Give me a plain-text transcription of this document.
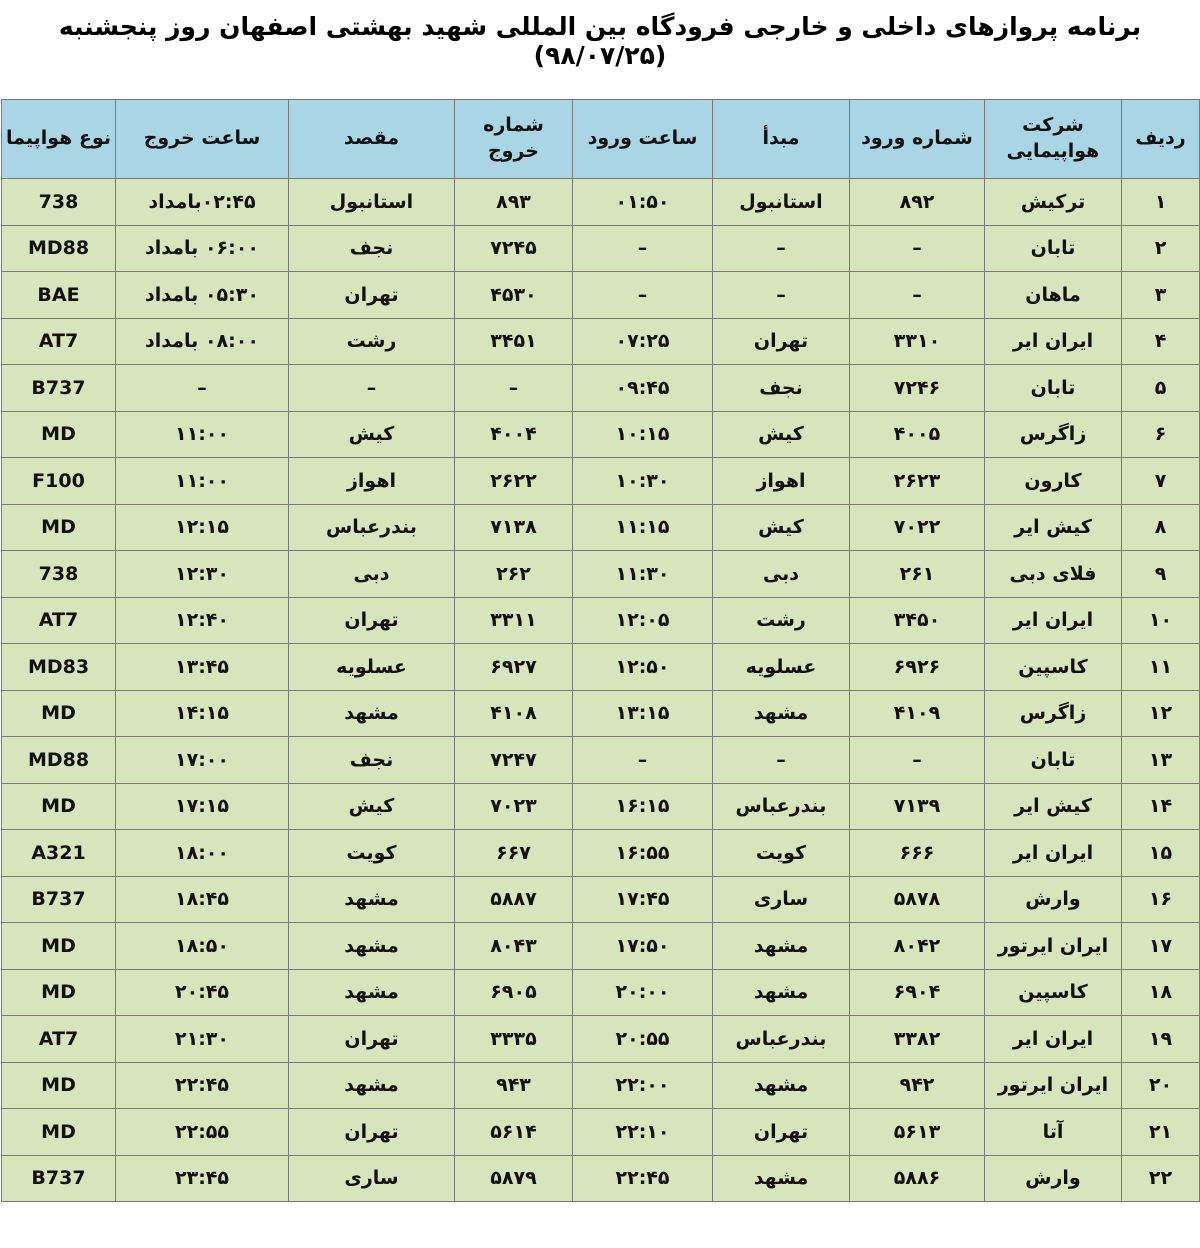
برنامه پروازهای داخلی و خارجی فرودگاه بین المللی شهید بهشتی اصفهان روز پنجشنبه (۹۸/۰۷/۲۵)
ردیف	شرکت هواپیمایی	شماره ورود	مبدأ	ساعت ورود	شماره خروج	مقصد	ساعت خروج	نوع هواپیما
۱	ترکیش	۸۹۲	استانبول	۰۱:۵۰	۸۹۳	استانبول	۰۲:۴۵بامداد	738
۲	تابان	–	–	–	۷۲۴۵	نجف	۰۶:۰۰ بامداد	MD88
۳	ماهان	–	–	–	۴۵۳۰	تهران	۰۵:۳۰ بامداد	BAE
۴	ایران ایر	۳۳۱۰	تهران	۰۷:۲۵	۳۴۵۱	رشت	۰۸:۰۰ بامداد	AT7
۵	تابان	۷۲۴۶	نجف	۰۹:۴۵	–	–	–	B737
۶	زاگرس	۴۰۰۵	کیش	۱۰:۱۵	۴۰۰۴	کیش	۱۱:۰۰	MD
۷	کارون	۲۶۲۳	اهواز	۱۰:۳۰	۲۶۲۲	اهواز	۱۱:۰۰	F100
۸	کیش ایر	۷۰۲۲	کیش	۱۱:۱۵	۷۱۳۸	بندرعباس	۱۲:۱۵	MD
۹	فلای دبی	۲۶۱	دبی	۱۱:۳۰	۲۶۲	دبی	۱۲:۳۰	738
۱۰	ایران ایر	۳۴۵۰	رشت	۱۲:۰۵	۳۳۱۱	تهران	۱۲:۴۰	AT7
۱۱	کاسپین	۶۹۲۶	عسلویه	۱۲:۵۰	۶۹۲۷	عسلویه	۱۳:۴۵	MD83
۱۲	زاگرس	۴۱۰۹	مشهد	۱۳:۱۵	۴۱۰۸	مشهد	۱۴:۱۵	MD
۱۳	تابان	–	–	–	۷۲۴۷	نجف	۱۷:۰۰	MD88
۱۴	کیش ایر	۷۱۳۹	بندرعباس	۱۶:۱۵	۷۰۲۳	کیش	۱۷:۱۵	MD
۱۵	ایران ایر	۶۶۶	کویت	۱۶:۵۵	۶۶۷	کویت	۱۸:۰۰	A321
۱۶	وارش	۵۸۷۸	ساری	۱۷:۴۵	۵۸۸۷	مشهد	۱۸:۴۵	B737
۱۷	ایران ایرتور	۸۰۴۲	مشهد	۱۷:۵۰	۸۰۴۳	مشهد	۱۸:۵۰	MD
۱۸	کاسپین	۶۹۰۴	مشهد	۲۰:۰۰	۶۹۰۵	مشهد	۲۰:۴۵	MD
۱۹	ایران ایر	۳۳۸۲	بندرعباس	۲۰:۵۵	۳۳۳۵	تهران	۲۱:۳۰	AT7
۲۰	ایران ایرتور	۹۴۲	مشهد	۲۲:۰۰	۹۴۳	مشهد	۲۲:۴۵	MD
۲۱	آتا	۵۶۱۳	تهران	۲۲:۱۰	۵۶۱۴	تهران	۲۲:۵۵	MD
۲۲	وارش	۵۸۸۶	مشهد	۲۲:۴۵	۵۸۷۹	ساری	۲۳:۴۵	B737
